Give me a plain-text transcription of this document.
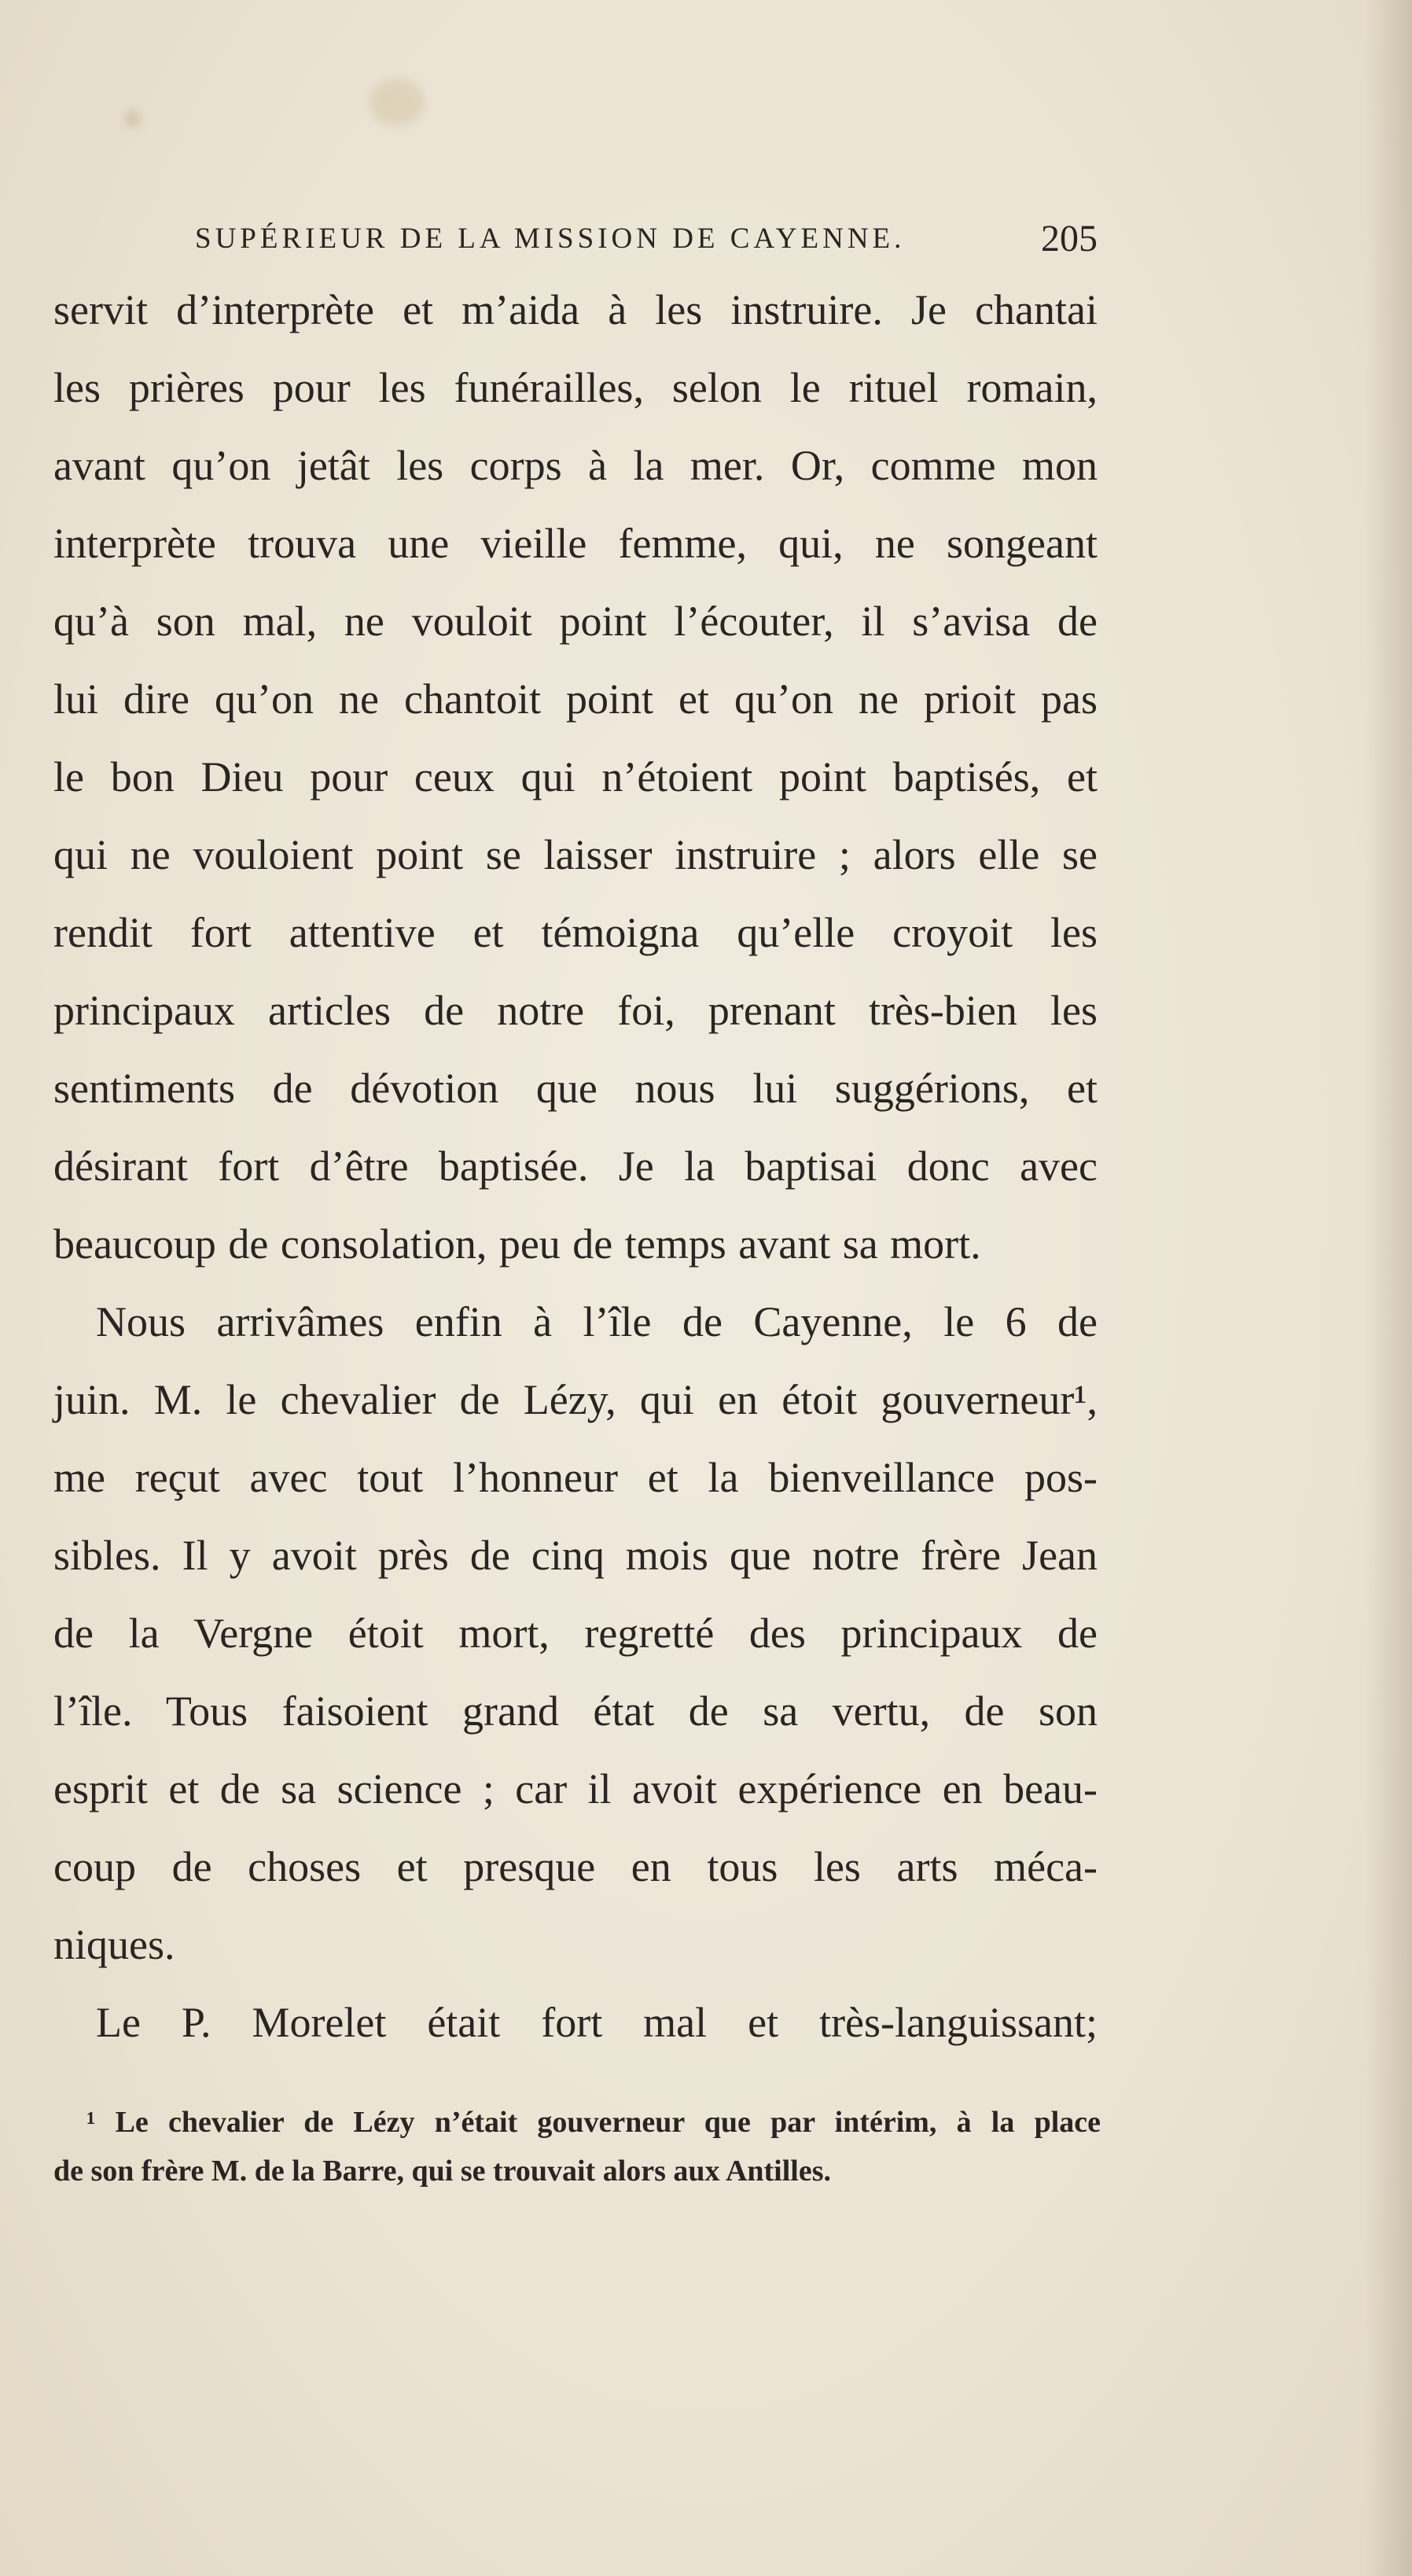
SUPÉRIEUR DE LA MISSION DE CAYENNE.	205
servit d’interprète et m’aida à les instruire. Je chantai
les prières pour les funérailles, selon le rituel romain,
avant qu’on jetât les corps à la mer. Or, comme mon
interprète trouva une vieille femme, qui, ne songeant
qu’à son mal, ne vouloit point l’écouter, il s’avisa de
lui dire qu’on ne chantoit point et qu’on ne prioit pas
le bon Dieu pour ceux qui n’étoient point baptisés, et
qui ne vouloient point se laisser instruire ; alors elle se
rendit fort attentive et témoigna qu’elle croyoit les
principaux articles de notre foi, prenant très-bien les
sentiments de dévotion que nous lui suggérions, et
désirant fort d’être baptisée. Je la baptisai donc avec
beaucoup de consolation, peu de temps avant sa mort.
Nous arrivâmes enfin à l’île de Cayenne, le 6 de
juin. M. le chevalier de Lézy, qui en étoit gouverneur¹,
me reçut avec tout l’honneur et la bienveillance pos-
sibles. Il y avoit près de cinq mois que notre frère Jean
de la Vergne étoit mort, regretté des principaux de
l’île. Tous faisoient grand état de sa vertu, de son
esprit et de sa science ; car il avoit expérience en beau-
coup de choses et presque en tous les arts méca-
niques.
Le P. Morelet était fort mal et très-languissant;
¹ Le chevalier de Lézy n’était gouverneur que par intérim, à la place
de son frère M. de la Barre, qui se trouvait alors aux Antilles.
